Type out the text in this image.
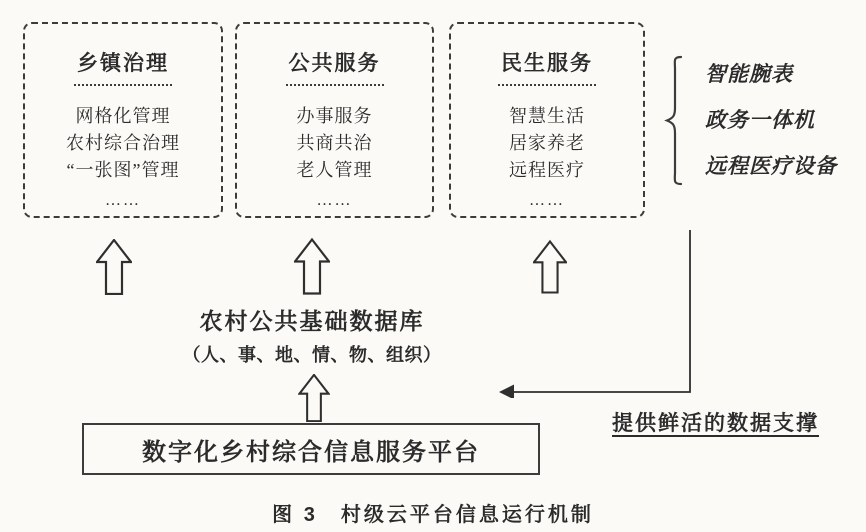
乡镇治理
网格化管理
农村综合治理
“一张图”管理
……
公共服务
办事服务
共商共治
老人管理
……
民生服务
智慧生活
居家养老
远程医疗
……
智能腕表
政务一体机
远程医疗设备
农村公共基础数据库
（人、事、地、情、物、组织）
数字化乡村综合信息服务平台
提供鲜活的数据支撑
图 3　村级云平台信息运行机制
